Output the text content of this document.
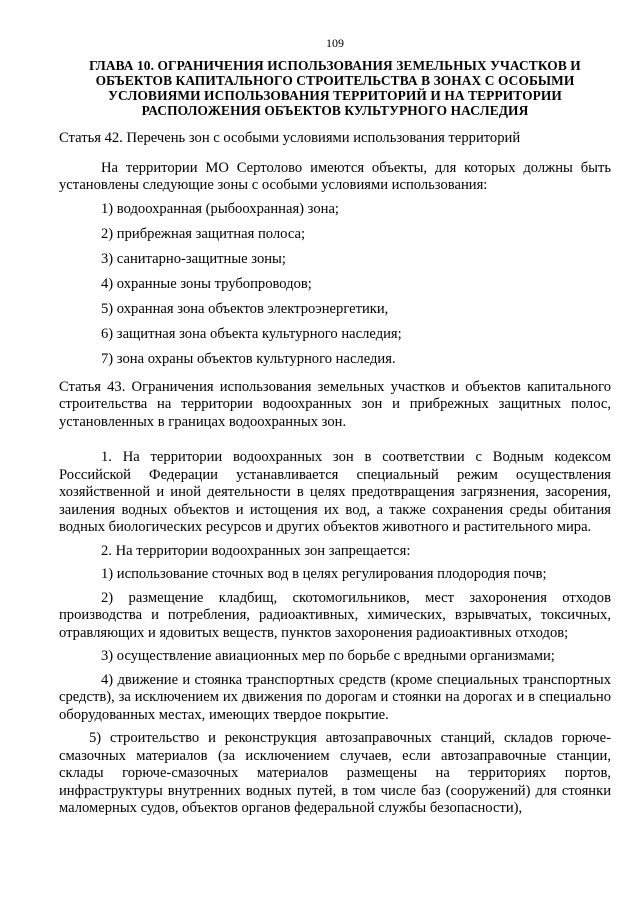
109
ГЛАВА 10. ОГРАНИЧЕНИЯ ИСПОЛЬЗОВАНИЯ ЗЕМЕЛЬНЫХ УЧАСТКОВ И
ОБЪЕКТОВ КАПИТАЛЬНОГО СТРОИТЕЛЬСТВА В ЗОНАХ С ОСОБЫМИ
УСЛОВИЯМИ ИСПОЛЬЗОВАНИЯ ТЕРРИТОРИЙ И НА ТЕРРИТОРИИ
РАСПОЛОЖЕНИЯ ОБЪЕКТОВ КУЛЬТУРНОГО НАСЛЕДИЯ

Статья 42. Перечень зон с особыми условиями использования территорий

На территории МО Сертолово имеются объекты, для которых должны быть установлены следующие зоны с особыми условиями использования:

1) водоохранная (рыбоохранная) зона;
2) прибрежная защитная полоса;
3) санитарно-защитные зоны;
4) охранные зоны трубопроводов;
5) охранная зона объектов электроэнергетики,
6) защитная зона объекта культурного наследия;
7) зона охраны объектов культурного наследия.

Статья 43. Ограничения использования земельных участков и объектов капитального строительства на территории водоохранных зон и прибрежных защитных полос, установленных в границах водоохранных зон.

1. На территории водоохранных зон в соответствии с Водным кодексом Российской Федерации устанавливается специальный режим осуществления хозяйственной и иной деятельности в целях предотвращения загрязнения, засорения, заиления водных объектов и истощения их вод, а также сохранения среды обитания водных биологических ресурсов и других объектов животного и растительного мира.

2. На территории водоохранных зон запрещается:

1) использование сточных вод в целях регулирования плодородия почв;

2) размещение кладбищ, скотомогильников, мест захоронения отходов производства и потребления, радиоактивных, химических, взрывчатых, токсичных, отравляющих и ядовитых веществ, пунктов захоронения радиоактивных отходов;

3) осуществление авиационных мер по борьбе с вредными организмами;

4) движение и стоянка транспортных средств (кроме специальных транспортных средств), за исключением их движения по дорогам и стоянки на дорогах и в специально оборудованных местах, имеющих твердое покрытие.

5) строительство и реконструкция автозаправочных станций, складов горюче-смазочных материалов (за исключением случаев, если автозаправочные станции, склады горюче-смазочных материалов размещены на территориях портов, инфраструктуры внутренних водных путей, в том числе баз (сооружений) для стоянки маломерных судов, объектов органов федеральной службы безопасности),
